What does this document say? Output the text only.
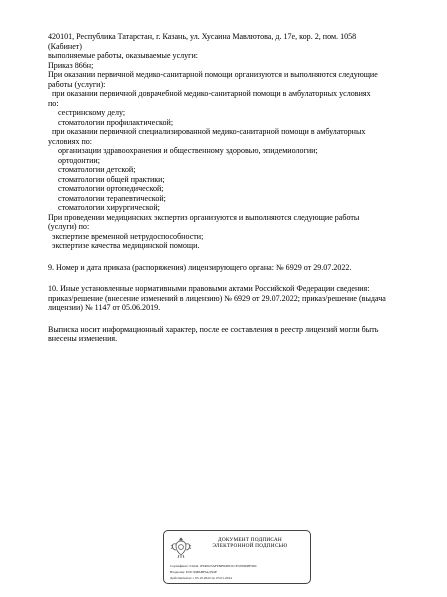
420101, Республика Татарстан, г. Казань, ул. Хусаина Мавлютова, д. 17е, кор. 2, пом. 1058

(Кабинет)

выполняемые работы, оказываемые услуги:

Приказ 866н;

При оказании первичной медико-санитарной помощи организуются и выполняются следующие

работы (услуги):

при оказании первичной доврачебной медико-санитарной помощи в амбулаторных условиях

по:

сестринскому делу;

стоматологии профилактической;

при оказании первичной специализированной медико-санитарной помощи в амбулаторных

условиях по:

организации здравоохранения и общественному здоровью, эпидемиологии;

ортодонтии;

стоматологии детской;

стоматологии общей практики;

стоматологии ортопедической;

стоматологии терапевтической;

стоматологии хирургической;

При проведении медицинских экспертиз организуются и выполняются следующие работы

(услуги) по:

экспертизе временной нетрудоспособности;

экспертизе качества медицинской помощи.

9. Номер и дата приказа (распоряжения) лицензирующего органа: № 6929 от 29.07.2022.

10. Иные установленные нормативными правовыми актами Российской Федерации сведения:

приказ/решение (внесение изменений в лицензию) № 6929 от 29.07.2022; приказ/решение (выдача

лицензии) № 1147 от 05.06.2019.

Выписка носит информационный характер, после ее составления в реестр лицензий могли быть

внесены изменения.

ДОКУМЕНТ ПОДПИСАН
ЭЛЕКТРОННОЙ ПОДПИСЬЮ
Сертификат: 01644 1FD0025AFD9B94ED1CE5058D8F984
Владелец: РОСЗДРАВНАДЗОР
Действителен: с 05.10.2022 по 05.01.2024
